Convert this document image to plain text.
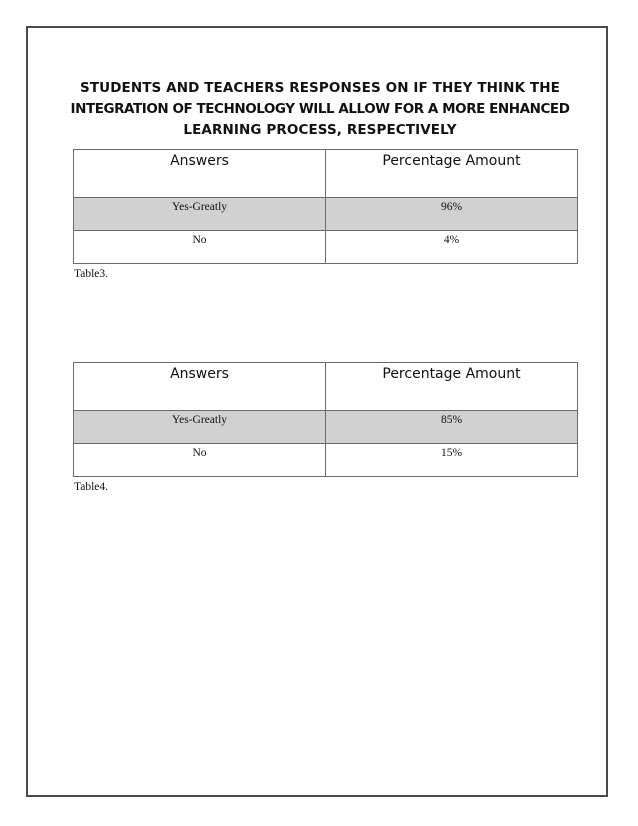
STUDENTS AND TEACHERS RESPONSES ON IF THEY THINK THE
INTEGRATION OF TECHNOLOGY WILL ALLOW FOR A MORE ENHANCED
LEARNING PROCESS, RESPECTIVELY
Answers	Percentage Amount
Yes-Greatly	96%
No	4%

Table3.

Answers	Percentage Amount
Yes-Greatly	85%
No	15%

Table4.
